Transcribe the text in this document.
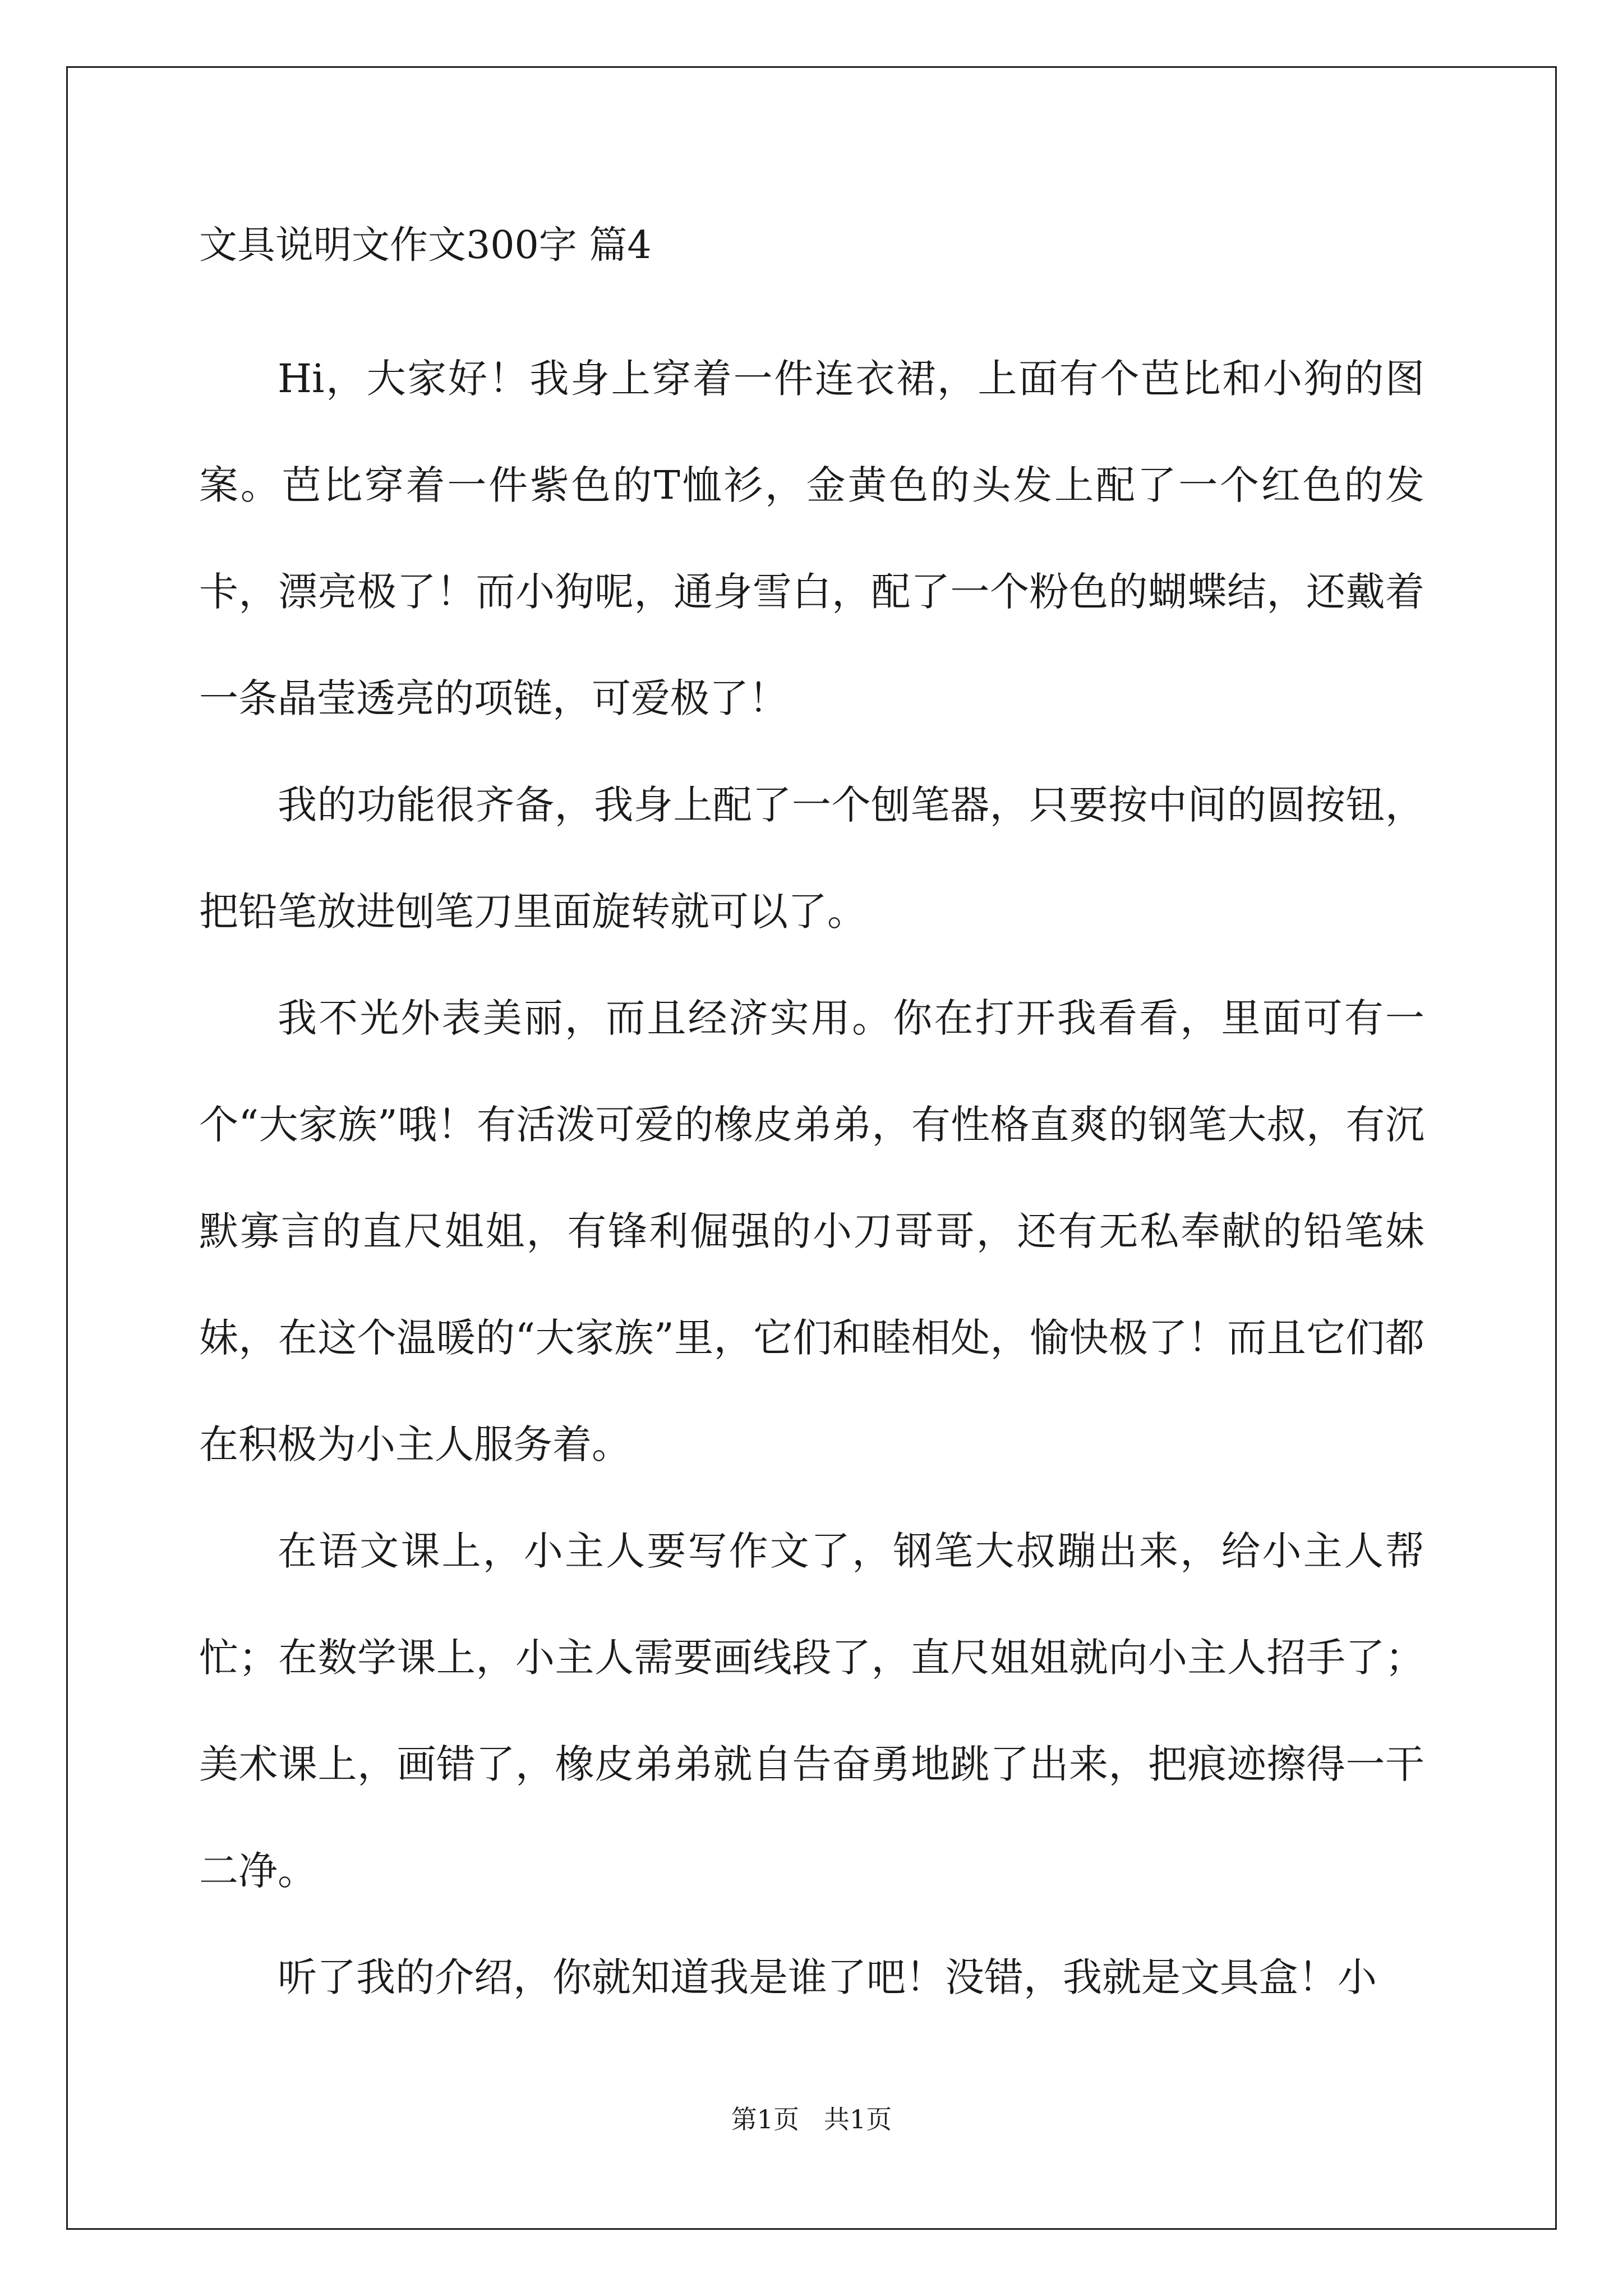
文具说明文作文300字 篇4

Hi，大家好！我身上穿着一件连衣裙，上面有个芭比和小狗的图案。芭比穿着一件紫色的T恤衫，金黄色的头发上配了一个红色的发卡，漂亮极了！而小狗呢，通身雪白，配了一个粉色的蝴蝶结，还戴着一条晶莹透亮的项链，可爱极了！

我的功能很齐备，我身上配了一个刨笔器，只要按中间的圆按钮，把铅笔放进刨笔刀里面旋转就可以了。

我不光外表美丽，而且经济实用。你在打开我看看，里面可有一个“大家族”哦！有活泼可爱的橡皮弟弟，有性格直爽的钢笔大叔，有沉默寡言的直尺姐姐，有锋利倔强的小刀哥哥，还有无私奉献的铅笔妹妹，在这个温暖的“大家族”里，它们和睦相处，愉快极了！而且它们都在积极为小主人服务着。

在语文课上，小主人要写作文了，钢笔大叔蹦出来，给小主人帮忙；在数学课上，小主人需要画线段了，直尺姐姐就向小主人招手了；美术课上，画错了，橡皮弟弟就自告奋勇地跳了出来，把痕迹擦得一干二净。

听了我的介绍，你就知道我是谁了吧！没错，我就是文具盒！小

第1页   共1页
